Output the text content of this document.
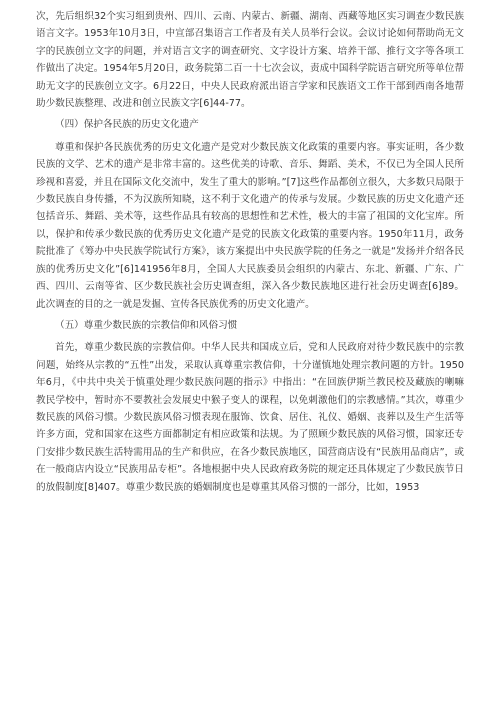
次，先后组织32个实习组到贵州、四川、云南、内蒙古、新疆、湖南、西藏等地区实习调查少数民族语言文字。1953年10月3日，中宣部召集语言工作者及有关人员举行会议。会议讨论如何帮助尚无文字的民族创立文字的问题，并对语言文字的调查研究、文字设计方案、培养干部、推行文字等各项工作做出了决定。1954年5月20日，政务院第二百一十七次会议，责成中国科学院语言研究所等单位帮助无文字的民族创立文字。6月22日，中央人民政府派出语言学家和民族语文工作干部到西南各地帮助少数民族整理、改进和创立民族文字[6]44-77。

（四）保护各民族的历史文化遗产

尊重和保护各民族优秀的历史文化遗产是党对少数民族文化政策的重要内容。事实证明，各少数民族的文学、艺术的遗产是非常丰富的。这些优美的诗歌、音乐、舞蹈、美术，不仅已为全国人民所珍视和喜爱，并且在国际文化交流中，发生了重大的影响。”[7]这些作品都创立很久，大多数只局限于少数民族自身传播，不为汉族所知晓，这不利于文化遗产的传承与发展。少数民族的历史文化遗产还包括音乐、舞蹈、美术等，这些作品具有较高的思想性和艺术性，极大的丰富了祖国的文化宝库。所以，保护和传承少数民族的优秀历史文化遗产是党的民族文化政策的重要内容。1950年11月，政务院批准了《筹办中央民族学院试行方案》，该方案提出中央民族学院的任务之一就是“发扬并介绍各民族的优秀历史文化”[6]141956年8月，全国人大民族委员会组织的内蒙古、东北、新疆、广东、广西、四川、云南等省、区少数民族社会历史调查组，深入各少数民族地区进行社会历史调查[6]89。此次调查的目的之一就是发掘、宣传各民族优秀的历史文化遗产。

（五）尊重少数民族的宗教信仰和风俗习惯

首先，尊重少数民族的宗教信仰。中华人民共和国成立后，党和人民政府对待少数民族中的宗教问题，始终从宗教的“五性”出发，采取认真尊重宗教信仰，十分谨慎地处理宗教问题的方针。1950年6月，《中共中央关于慎重处理少数民族问题的指示》中指出：“在回族伊斯兰教民校及藏族的喇嘛教民学校中，暂时亦不要教社会发展史中猴子变人的课程，以免刺激他们的宗教感情。”其次，尊重少数民族的风俗习惯。少数民族风俗习惯表现在服饰、饮食、居住、礼仪、婚姻、丧葬以及生产生活等许多方面，党和国家在这些方面都制定有相应政策和法规。为了照顾少数民族的风俗习惯，国家还专门安排少数民族生活特需用品的生产和供应，在各少数民族地区，国营商店设有“民族用品商店”，或在一般商店内设立“民族用品专柜”。各地根据中央人民政府政务院的规定还具体规定了少数民族节日的放假制度[8]407。尊重少数民族的婚姻制度也是尊重其风俗习惯的一部分，比如，1953
